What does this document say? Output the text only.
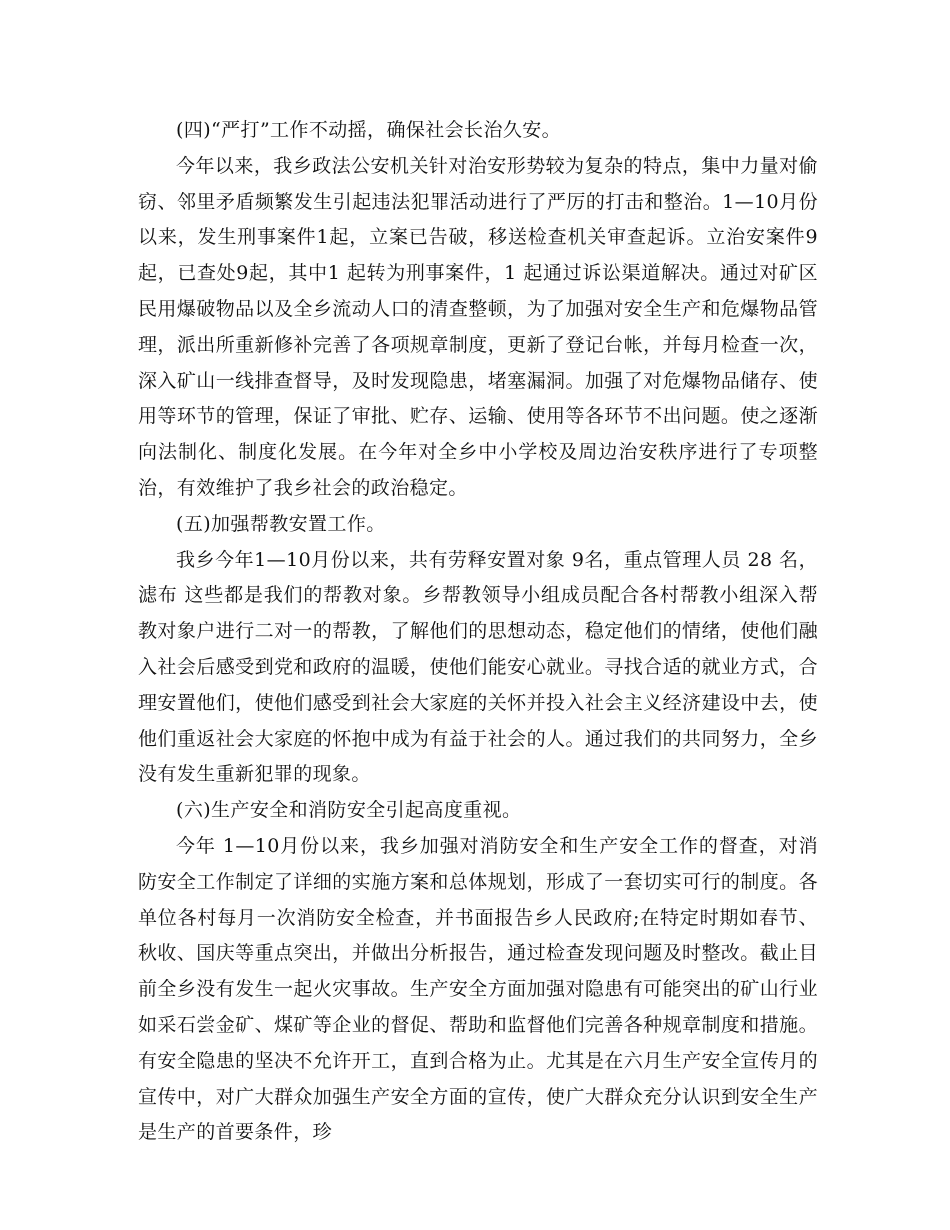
(四)“严打”工作不动摇，确保社会长治久安。

今年以来，我乡政法公安机关针对治安形势较为复杂的特点，集中力量对偷窃、邻里矛盾频繁发生引起违法犯罪活动进行了严厉的打击和整治。1—10月份以来，发生刑事案件1起，立案已告破，移送检查机关审查起诉。立治安案件9起，已查处9起，其中1 起转为刑事案件，1 起通过诉讼渠道解决。通过对矿区民用爆破物品以及全乡流动人口的清查整顿，为了加强对安全生产和危爆物品管理，派出所重新修补完善了各项规章制度，更新了登记台帐，并每月检查一次，深入矿山一线排查督导，及时发现隐患，堵塞漏洞。加强了对危爆物品储存、使用等环节的管理，保证了审批、贮存、运输、使用等各环节不出问题。使之逐渐向法制化、制度化发展。在今年对全乡中小学校及周边治安秩序进行了专项整治，有效维护了我乡社会的政治稳定。

(五)加强帮教安置工作。

我乡今年1—10月份以来，共有劳释安置对象 9名，重点管理人员 28 名，滤布 这些都是我们的帮教对象。乡帮教领导小组成员配合各村帮教小组深入帮教对象户进行二对一的帮教，了解他们的思想动态，稳定他们的情绪，使他们融入社会后感受到党和政府的温暖，使他们能安心就业。寻找合适的就业方式，合理安置他们，使他们感受到社会大家庭的关怀并投入社会主义经济建设中去，使他们重返社会大家庭的怀抱中成为有益于社会的人。通过我们的共同努力，全乡没有发生重新犯罪的现象。

(六)生产安全和消防安全引起高度重视。

今年 1—10月份以来，我乡加强对消防安全和生产安全工作的督查，对消防安全工作制定了详细的实施方案和总体规划，形成了一套切实可行的制度。各单位各村每月一次消防安全检查，并书面报告乡人民政府;在特定时期如春节、秋收、国庆等重点突出，并做出分析报告，通过检查发现问题及时整改。截止目前全乡没有发生一起火灾事故。生产安全方面加强对隐患有可能突出的矿山行业如采石尝金矿、煤矿等企业的督促、帮助和监督他们完善各种规章制度和措施。有安全隐患的坚决不允许开工，直到合格为止。尤其是在六月生产安全宣传月的宣传中，对广大群众加强生产安全方面的宣传，使广大群众充分认识到安全生产是生产的首要条件，珍
